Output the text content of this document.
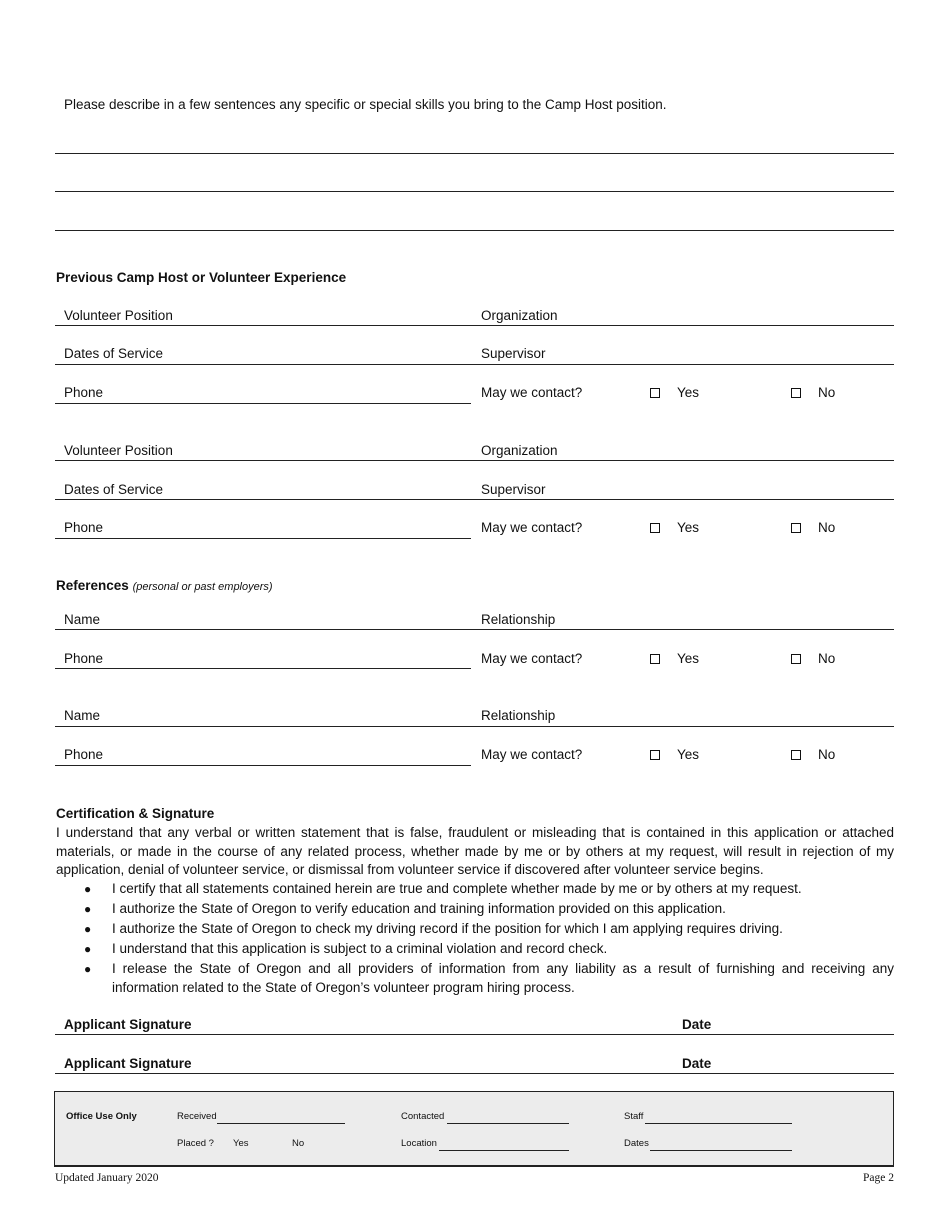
Please describe in a few sentences any specific or special skills you bring to the Camp Host position.
Previous Camp Host or Volunteer Experience
Volunteer Position	Organization
Dates of Service	Supervisor
Phone	May we contact?	Yes	No
Volunteer Position	Organization
Dates of Service	Supervisor
Phone	May we contact?	Yes	No
References (personal or past employers)
Name	Relationship
Phone	May we contact?	Yes	No
Name	Relationship
Phone	May we contact?	Yes	No
Certification & Signature
I understand that any verbal or written statement that is false, fraudulent or misleading that is contained in this application or attached materials, or made in the course of any related process, whether made by me or by others at my request, will result in rejection of my application, denial of volunteer service, or dismissal from volunteer service if discovered after volunteer service begins.
● I certify that all statements contained herein are true and complete whether made by me or by others at my request.
● I authorize the State of Oregon to verify education and training information provided on this application.
● I authorize the State of Oregon to check my driving record if the position for which I am applying requires driving.
● I understand that this application is subject to a criminal violation and record check.
● I release the State of Oregon and all providers of information from any liability as a result of furnishing and receiving any information related to the State of Oregon’s volunteer program hiring process.
Applicant Signature	Date
Applicant Signature	Date
Office Use Only	Received	Contacted	Staff
Placed ? Yes	No	Location	Dates
Updated January 2020	Page 2
